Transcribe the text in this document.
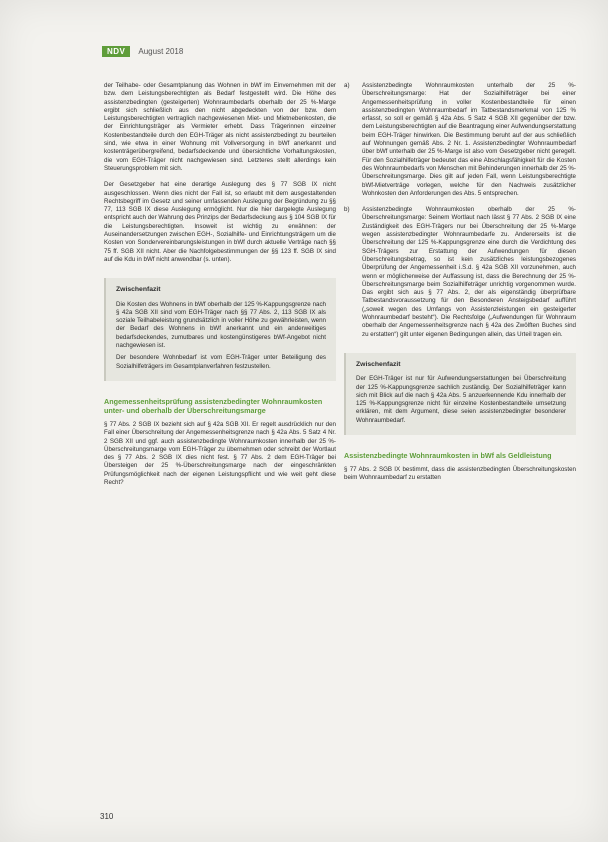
NDV	August 2018

der Teilhabe- oder Gesamtplanung das Wohnen in bWf im Einvernehmen mit der bzw. dem Leistungsberechtigten als Bedarf festgestellt wird. Die Höhe des assistenzbedingten (gesteigerten) Wohnraumbedarfs oberhalb der 25 %-Marge ergibt sich schließlich aus den nicht abgedeckten von der bzw. dem Leistungsberechtigten vertraglich nachgewiesenen Miet- und Mietnebenkosten, die der Einrichtungsträger als Vermieter erhebt. Dass Trägerinnen einzelner Kostenbestandteile durch den EGH-Träger als nicht assistenzbedingt zu beurteilen sind, wie etwa in einer Wohnung mit Vollversorgung in bWf anerkannt und kostenträgerübergreifend, bedarfsdeckende und übersichtliche Vorhaltungskosten, die vom EGH-Träger nicht nachgewiesen sind. Letzteres stellt allerdings kein Steuerungsproblem mit sich.

Der Gesetzgeber hat eine derartige Auslegung des § 77 SGB IX nicht ausgeschlossen. Wenn dies nicht der Fall ist, so erlaubt mit dem ausgestaltenden Rechtsbegriff im Gesetz und seiner umfassenden Auslegung der Begründung zu §§ 77, 113 SGB IX diese Auslegung ermöglicht. Nur die hier dargelegte Auslegung entspricht auch der Wahrung des Prinzips der Bedarfsdeckung aus § 104 SGB IX für die Leistungsberechtigten. Insoweit ist wichtig zu erwähnen: der Auseinandersetzungen zwischen EGH-, Sozialhilfe- und Einrichtungsträgern um die Kosten von Sondervereinbarungsleistungen in bWf durch aktuelle Verträge nach §§ 75 ff. SGB XII nicht. Aber die Nachfolgebestimmungen der §§ 123 ff. SGB IX sind auf die Kdu in bWf nicht anwendbar (s. unten).

Zwischenfazit

Die Kosten des Wohnens in bWf oberhalb der 125 %-Kappungsgrenze nach § 42a SGB XII sind vom EGH-Träger nach §§ 77 Abs. 2, 113 SGB IX als soziale Teilhabeleistung grundsätzlich in voller Höhe zu gewährleisten, wenn der Bedarf des Wohnens in bWf anerkannt und ein anderweitiges bedarfsdeckendes, zumutbares und kostengünstigeres bWf-Angebot nicht nachgewiesen ist.

Der besondere Wohnbedarf ist vom EGH-Träger unter Beteiligung des Sozialhilfeträgers im Gesamtplanverfahren festzustellen.

Angemessenheitsprüfung assistenzbedingter Wohnraumkosten unter- und oberhalb der Überschreitungsmarge

§ 77 Abs. 2 SGB IX bezieht sich auf § 42a SGB XII. Er regelt ausdrücklich nur den Fall einer Überschreitung der Angemessenheitsgrenze nach § 42a Abs. 5 Satz 4 Nr. 2 SGB XII und ggf. auch assistenzbedingte Wohnraumkosten innerhalb der 25 %-Überschreitungsmarge vom EGH-Träger zu übernehmen oder schreibt der Wortlaut des § 77 Abs. 2 SGB IX dies nicht fest. § 77 Abs. 2 dem EGH-Träger bei Übersteigen der 25 %-Überschreitungsmarge nach der eingeschränkten Prüfungsmöglichkeit nach der eigenen Leistungspflicht und wie weit geht diese Recht?

a)	Assistenzbedingte Wohnraumkosten unterhalb der 25 %-Überschreitungsmarge: Hat der Sozialhilfeträger bei einer Angemessenheitsprüfung in voller Kostenbestandteile für einen assistenzbedingten Wohnraumbedarf im Tatbestandsmerkmal von 125 % erfasst, so soll er gemäß § 42a Abs. 5 Satz 4 SGB XII gegenüber der bzw. dem Leistungsberechtigten auf die Beantragung einer Aufwendungserstattung beim EGH-Träger hinwirken. Die Bestimmung beruht auf der aus schließlich auf Wohnungen gemäß Abs. 2 Nr. 1. Assistenzbedingter Wohnraumbedarf über bWf unterhalb der 25 %-Marge ist also vom Gesetzgeber nicht geregelt. Für den Sozialhilfeträger bedeutet das eine Abschlagsfähigkeit für die Kosten des Wohnraumbedarfs von Menschen mit Behinderungen innerhalb der 25 %-Überschreitungsmarge. Dies gilt auf jeden Fall, wenn Leistungsberechtigte bWf-Mietverträge vorlegen, welche für den Nachweis zusätzlicher Wohnkosten den Anforderungen des Abs. 5 entsprechen.
b)	Assistenzbedingte Wohnraumkosten oberhalb der 25 %-Überschreitungsmarge: Seinem Wortlaut nach lässt § 77 Abs. 2 SGB IX eine Zuständigkeit des EGH-Trägers nur bei Überschreitung der 25 %-Marge wegen assistenzbedingter Wohnraumbedarfe zu. Andererseits ist die Überschreitung der 125 %-Kappungsgrenze eine durch die Verdichtung des SGH-Trägers zur Erstattung der Aufwendungen für diesen Überschreitungsbetrag, so ist kein zusätzliches leistungsbezogenes Überprüfung der Angemessenheit i.S.d. § 42a SGB XII vorzunehmen, auch wenn er möglicherweise der Auffassung ist, dass die Berechnung der 25 %-Überschreitungsmarge beim Sozialhilfeträger unrichtig vorgenommen wurde. Das ergibt sich aus § 77 Abs. 2, der als eigenständig überprüfbare Tatbestandsvoraussetzung für den Besonderen Ansteigsbedarf aufführt („soweit wegen des Umfangs von Assistenzleistungen ein gesteigerter Wohnraumbedarf besteht“). Die Rechtsfolge („Aufwendungen für Wohnraum oberhalb der Angemessenheitsgrenze nach § 42a des Zwölften Buches sind zu erstatten“) gilt unter eigenen Bedingungen allein, das Urteil tragen ein.
Zwischenfazit

Der EGH-Träger ist nur für Aufwendungserstattungen bei Überschreitung der 125 %-Kappungsgrenze sachlich zuständig. Der Sozialhilfeträger kann sich mit Blick auf die nach § 42a Abs. 5 anzuerkennende Kdu innerhalb der 125 %-Kappungsgrenze nicht für einzelne Kostenbestandteile umsetzung erklären, mit dem Argument, diese seien assistenzbedingter besonderer Wohnraumbedarf.

Assistenzbedingte Wohnraumkosten in bWf als Geldleistung

§ 77 Abs. 2 SGB IX bestimmt, dass die assistenzbedingten Überschreitungskosten beim Wohnraumbedarf zu erstatten

310
